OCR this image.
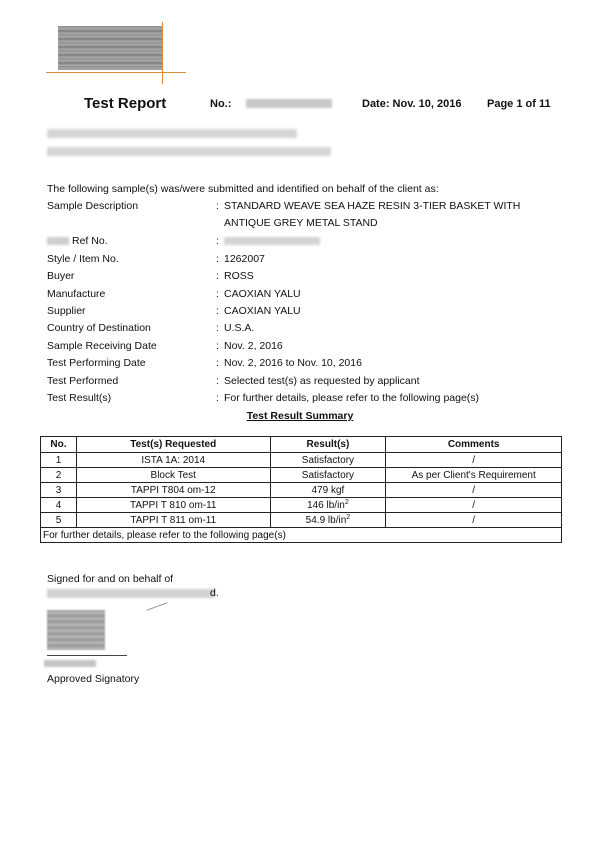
Test Report	No.:	Date: Nov. 10, 2016 Page 1 of 11
The following sample(s) was/were submitted and identified on behalf of the client as:
Sample Description	: STANDARD WEAVE SEA HAZE RESIN 3-TIER BASKET WITH ANTIQUE GREY METAL STAND
Ref No.	:
Style / Item No.	: 1262007
Buyer	: ROSS
Manufacture	: CAOXIAN YALU
Supplier	: CAOXIAN YALU
Country of Destination	: U.S.A.
Sample Receiving Date	: Nov. 2, 2016
Test Performing Date	: Nov. 2, 2016 to Nov. 10, 2016
Test Performed	: Selected test(s) as requested by applicant
Test Result(s)	: For further details, please refer to the following page(s)
Test Result Summary
No.	Test(s) Requested	Result(s)	Comments
1	ISTA 1A: 2014	Satisfactory	/
2	Block Test	Satisfactory	As per Client's Requirement
3	TAPPI T804 om-12	479 kgf	/
4	TAPPI T 810 om-11	146 $lb/in^2$	/
5	TAPPI T 811 om-11	54.9 $lb/in^2$	/
For further details, please refer to the following page(s)			
Signed for and on behalf of
d.
Approved Signatory
